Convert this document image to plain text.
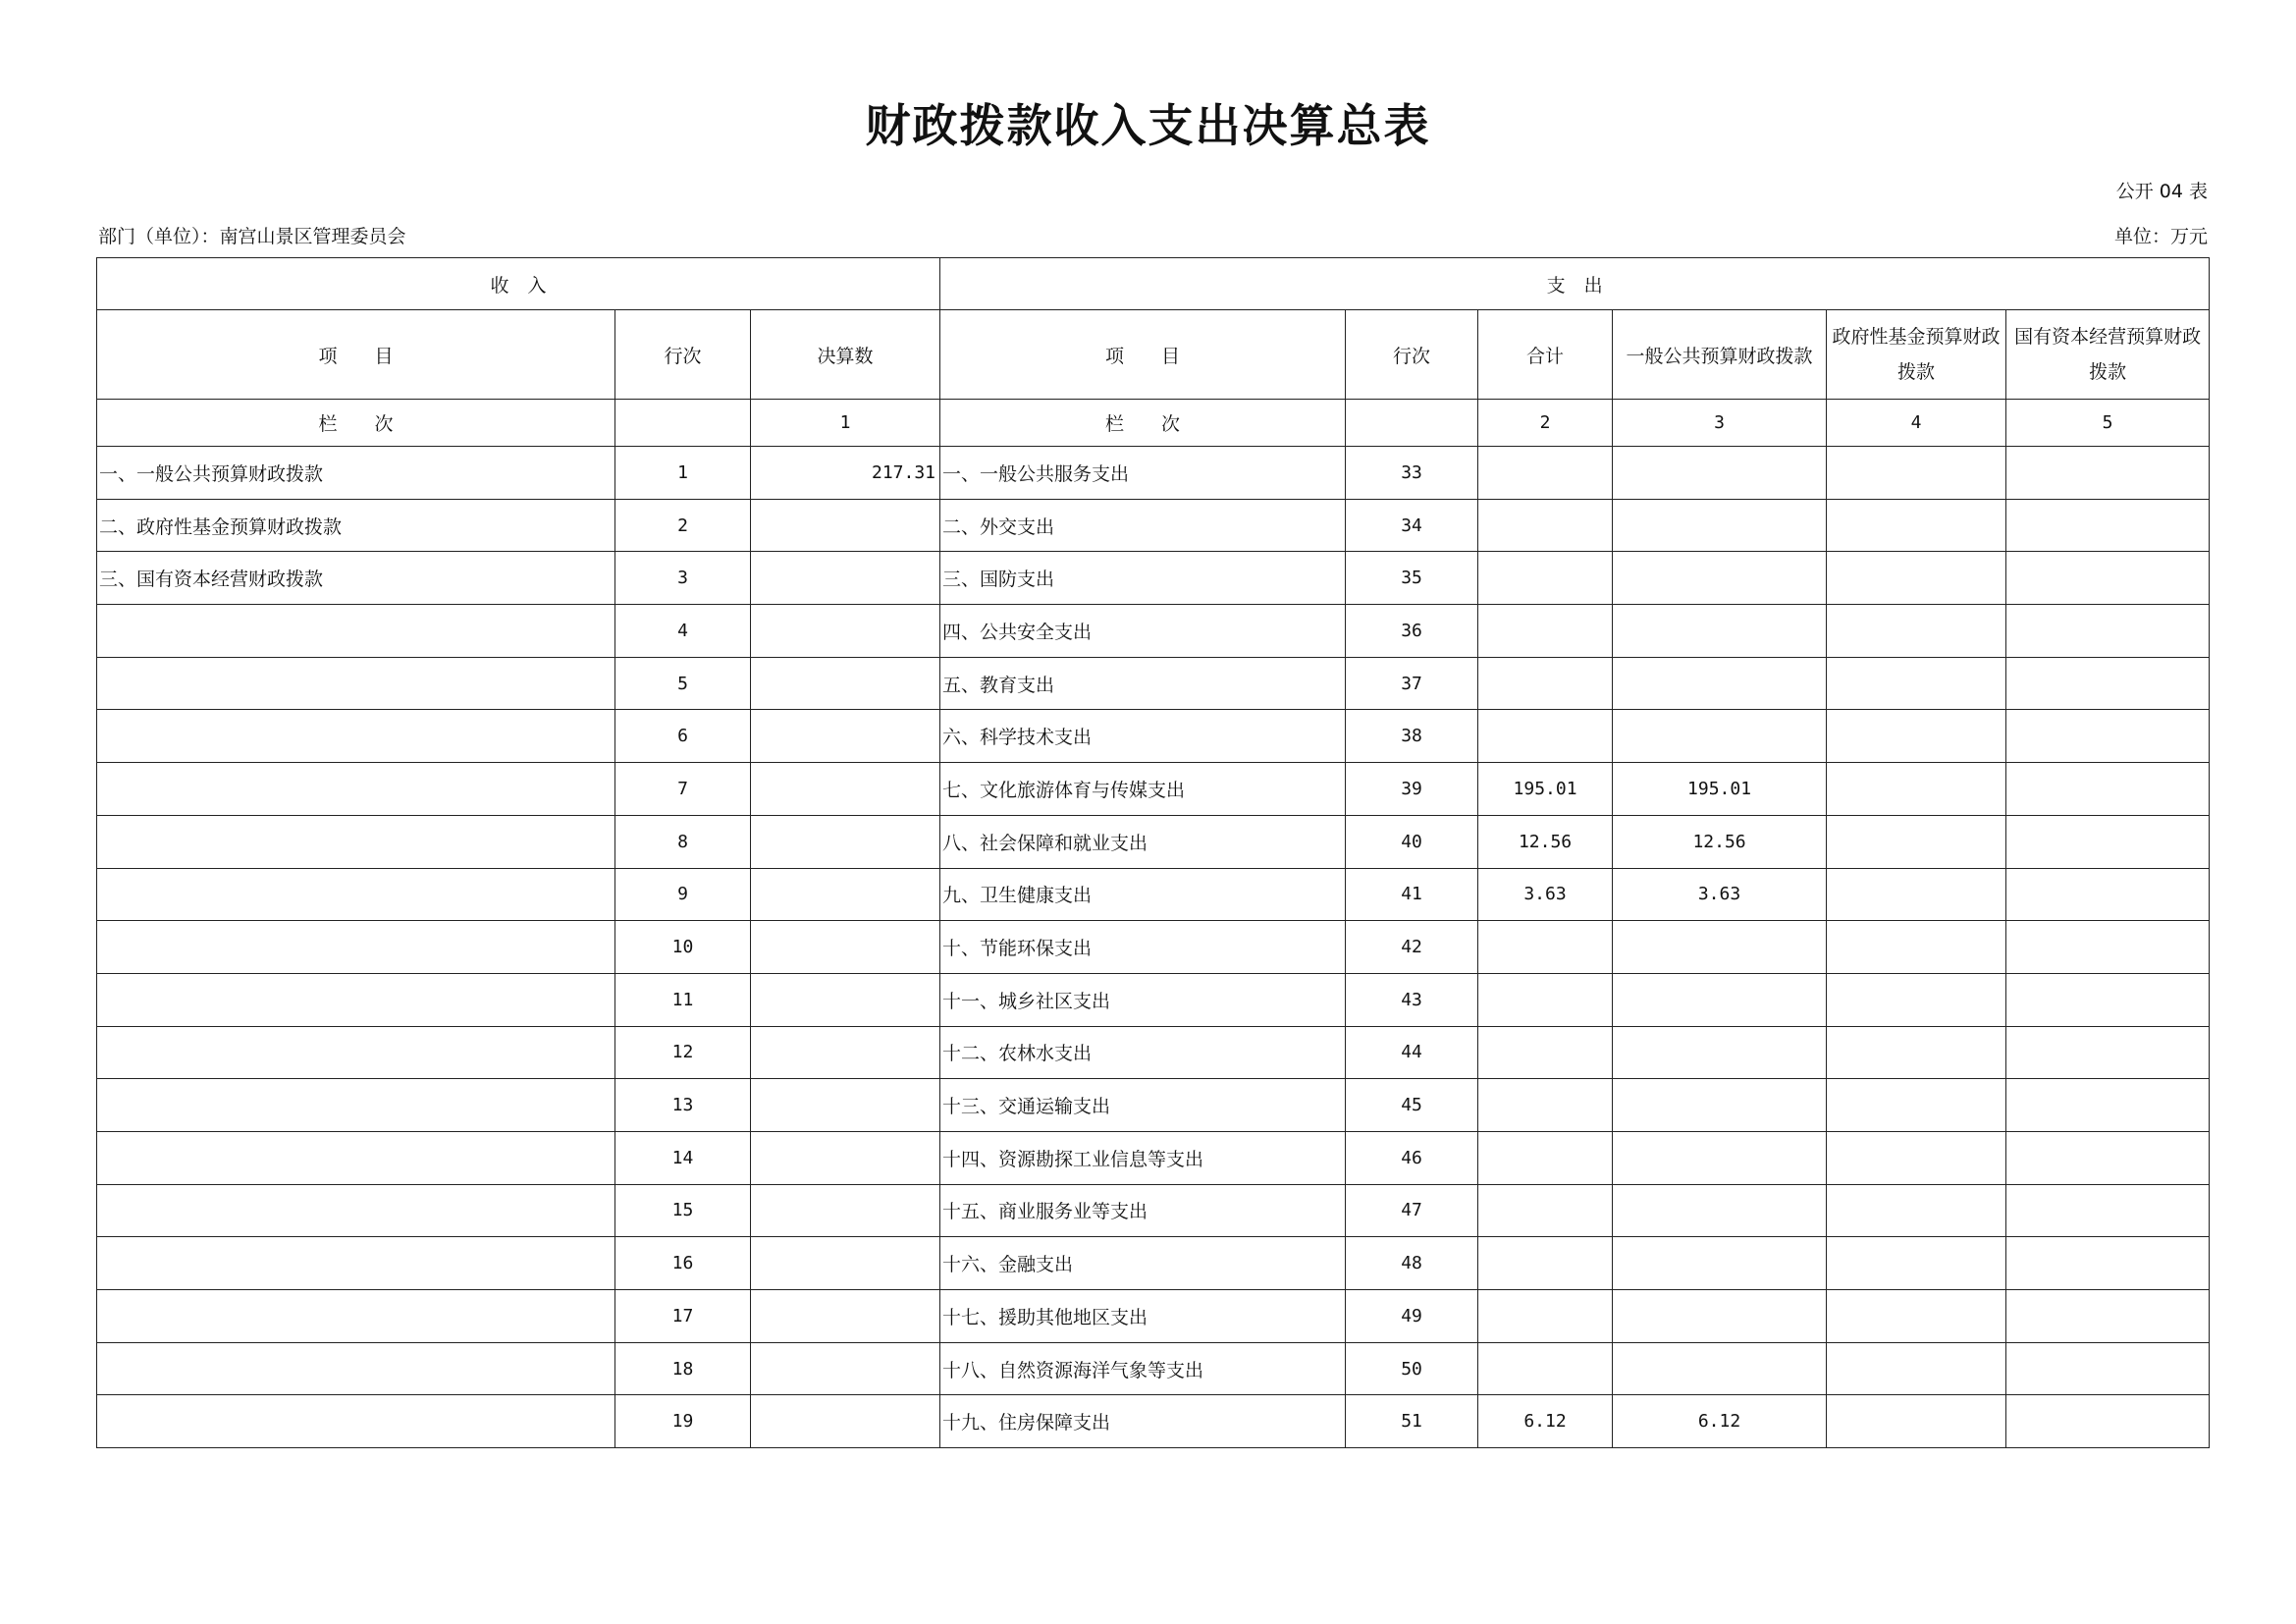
财政拨款收入支出决算总表
公开 04 表
部门（单位）：南宫山景区管理委员会	单位：万元
收　入			支　出					
项　　目	行次	决算数	项　　目	行次	合计	一般公共预算财政拨款	政府性基金预算财政拨款	国有资本经营预算财政拨款
栏　　次		1	栏　　次		2	3	4	5
一、一般公共预算财政拨款	1	217.31	一、一般公共服务支出	33				
二、政府性基金预算财政拨款	2		二、外交支出	34				
三、国有资本经营财政拨款	3		三、国防支出	35				
	4		四、公共安全支出	36				
	5		五、教育支出	37				
	6		六、科学技术支出	38				
	7		七、文化旅游体育与传媒支出	39	195.01	195.01		
	8		八、社会保障和就业支出	40	12.56	12.56		
	9		九、卫生健康支出	41	3.63	3.63		
	10		十、节能环保支出	42				
	11		十一、城乡社区支出	43				
	12		十二、农林水支出	44				
	13		十三、交通运输支出	45				
	14		十四、资源勘探工业信息等支出	46				
	15		十五、商业服务业等支出	47				
	16		十六、金融支出	48				
	17		十七、援助其他地区支出	49				
	18		十八、自然资源海洋气象等支出	50				
	19		十九、住房保障支出	51	6.12	6.12		
